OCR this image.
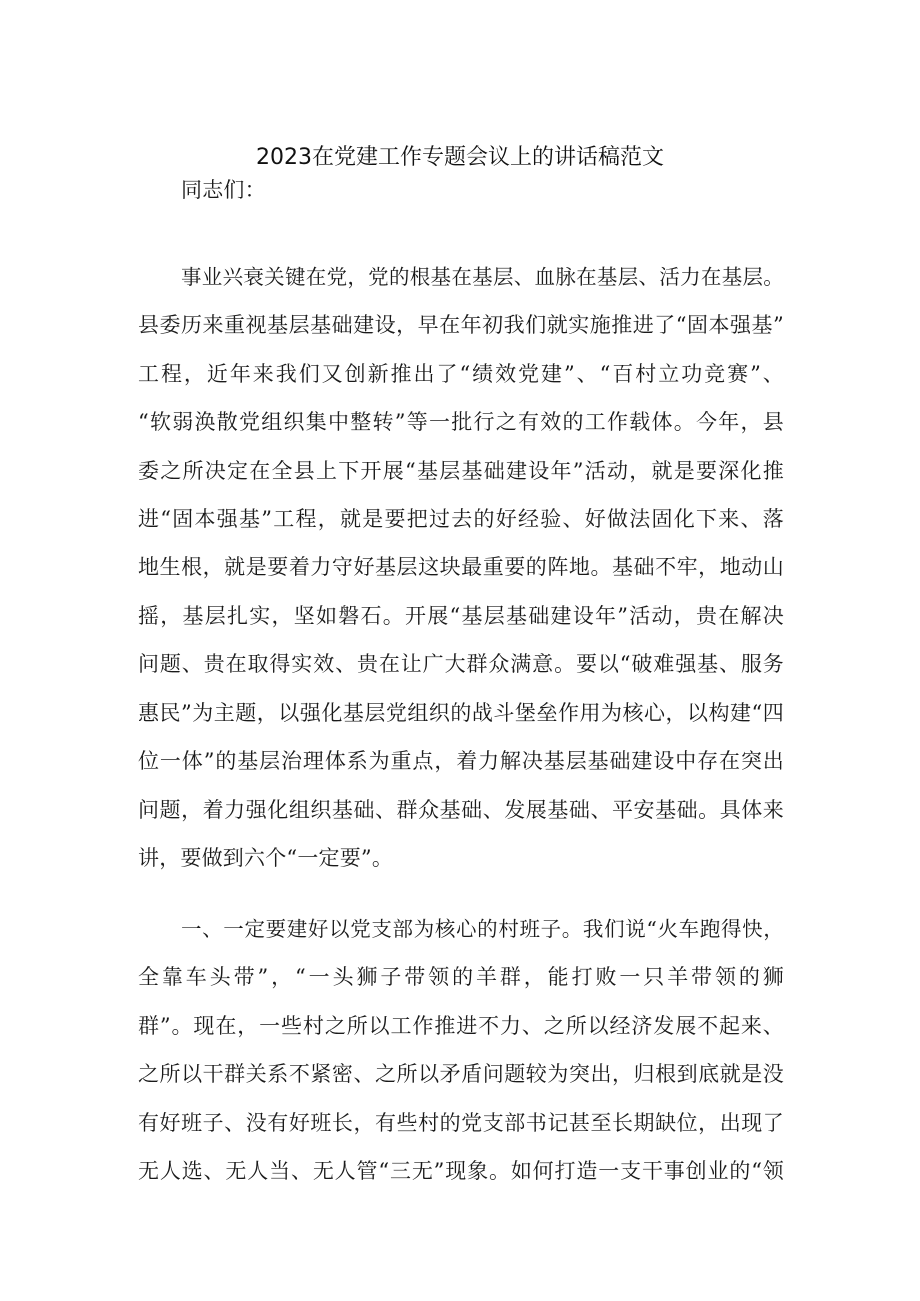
2023在党建工作专题会议上的讲话稿范文
同志们：
事业兴衰关键在党，党的根基在基层、血脉在基层、活力在基层。
县委历来重视基层基础建设，早在年初我们就实施推进了“固本强基”
工程，近年来我们又创新推出了“绩效党建”、“百村立功竞赛”、
“软弱涣散党组织集中整转”等一批行之有效的工作载体。今年，县
委之所决定在全县上下开展“基层基础建设年”活动，就是要深化推
进“固本强基”工程，就是要把过去的好经验、好做法固化下来、落
地生根，就是要着力守好基层这块最重要的阵地。基础不牢，地动山
摇，基层扎实，坚如磐石。开展“基层基础建设年”活动，贵在解决
问题、贵在取得实效、贵在让广大群众满意。要以“破难强基、服务
惠民”为主题，以强化基层党组织的战斗堡垒作用为核心，以构建“四
位一体”的基层治理体系为重点，着力解决基层基础建设中存在突出
问题，着力强化组织基础、群众基础、发展基础、平安基础。具体来
讲，要做到六个“一定要”。
一、一定要建好以党支部为核心的村班子。我们说“火车跑得快，
全靠车头带”，“一头狮子带领的羊群，能打败一只羊带领的狮
群”。现在，一些村之所以工作推进不力、之所以经济发展不起来、
之所以干群关系不紧密、之所以矛盾问题较为突出，归根到底就是没
有好班子、没有好班长，有些村的党支部书记甚至长期缺位，出现了
无人选、无人当、无人管“三无”现象。如何打造一支干事创业的“领
